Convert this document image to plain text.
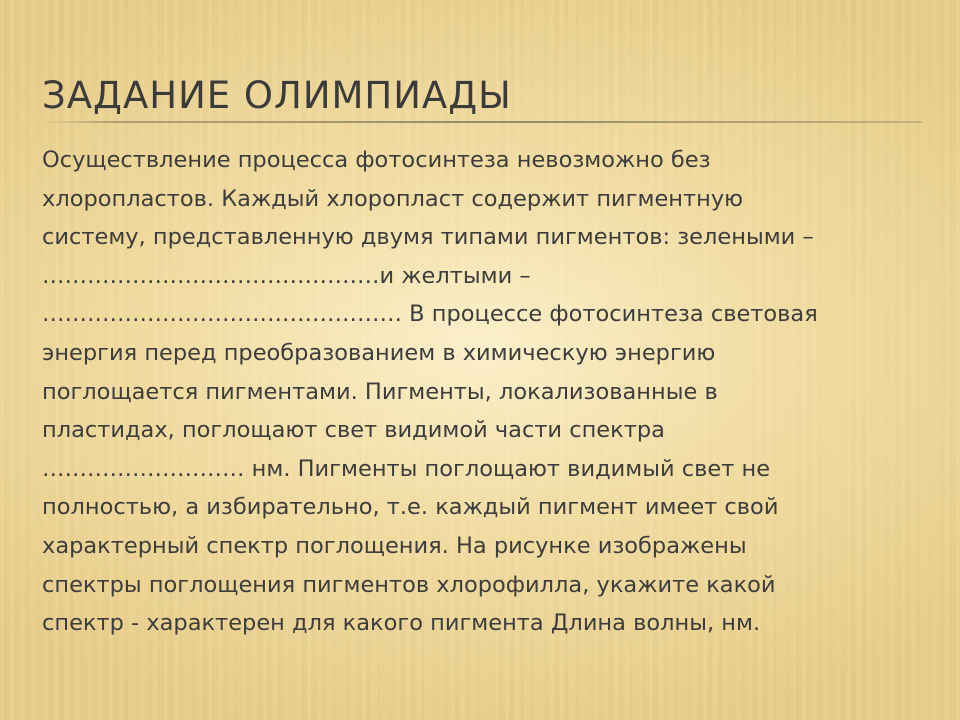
ЗАДАНИЕ ОЛИМПИАДЫ
Осуществление процесса фотосинтеза невозможно без
хлоропластов. Каждый хлоропласт содержит пигментную
систему, представленную двумя типами пигментов: зелеными –
………………………………………и желтыми –
………………………………………… В процессе фотосинтеза световая
энергия перед преобразованием в химическую энергию
поглощается пигментами. Пигменты, локализованные в
пластидах, поглощают свет видимой части спектра
……………………… нм. Пигменты поглощают видимый свет не
полностью, а избирательно, т.е. каждый пигмент имеет свой
характерный спектр поглощения. На рисунке изображены
спектры поглощения пигментов хлорофилла, укажите какой
спектр - характерен для какого пигмента Длина волны, нм.
